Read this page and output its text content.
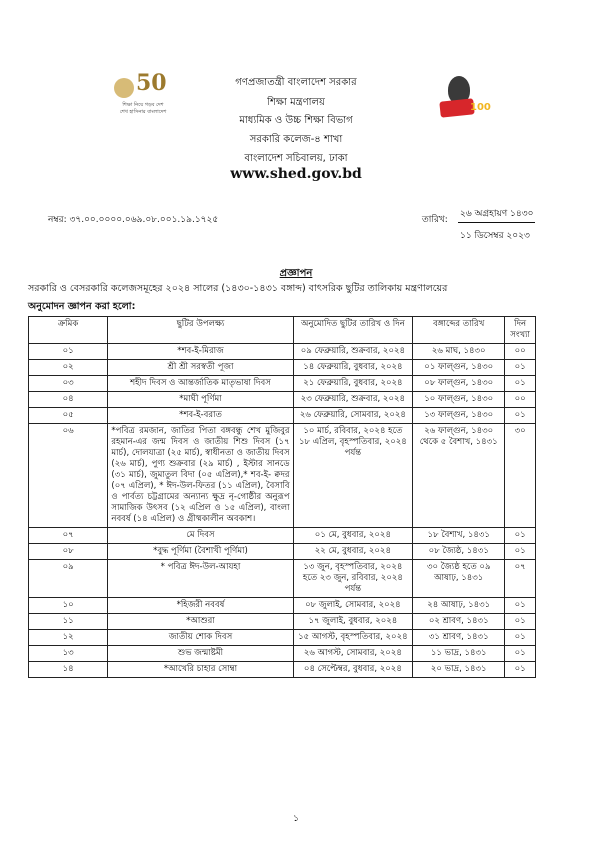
50
শিক্ষা নিয়ে গড়ব দেশ
শেখ হাসিনার বাংলাদেশ	100
গণপ্রজাতন্ত্রী বাংলাদেশ সরকার
শিক্ষা মন্ত্রণালয়
মাধ্যমিক ও উচ্চ শিক্ষা বিভাগ
সরকারি কলেজ-৪ শাখা
বাংলাদেশ সচিবালয়, ঢাকা
www.shed.gov.bd
নম্বর: ৩৭.০০.০০০০.০৬৯.০৮.০০১.১৯.১৭২৫	তারিখ:
২৬ অগ্রহায়ণ ১৪৩০
১১ ডিসেম্বর ২০২৩
প্রজ্ঞাপন
সরকারি ও বেসরকারি কলেজসমূহের ২০২৪ সালের (১৪৩০-১৪৩১ বঙ্গাব্দ) বাৎসরিক ছুটির তালিকায় মন্ত্রণালয়ের
অনুমোদন জ্ঞাপন করা হলো:
ক্রমিক	ছুটির উপলক্ষ্য	অনুমোদিত ছুটির তারিখ ও দিন	বঙ্গাব্দের তারিখ	দিন সংখ্যা
০১	*শব-ই-মিরাজ	০৯ ফেব্রুয়ারি, শুক্রবার, ২০২৪	২৬ মাঘ, ১৪৩০	০০
০২	শ্রী শ্রী সরস্বতী পূজা	১৪ ফেব্রুয়ারি, বুধবার, ২০২৪	০১ ফাল্গুন, ১৪৩০	০১
০৩	শহীদ দিবস ও আন্তর্জাতিক মাতৃভাষা দিবস	২১ ফেব্রুয়ারি, বুধবার, ২০২৪	০৮ ফাল্গুন, ১৪৩০	০১
০৪	*মাঘী পূর্ণিমা	২৩ ফেব্রুয়ারি, শুক্রবার, ২০২৪	১০ ফাল্গুন, ১৪৩০	০০
০৫	*শব-ই-বরাত	২৬ ফেব্রুয়ারি, সোমবার, ২০২৪	১৩ ফাল্গুন, ১৪৩০	০১
০৬	*পবিত্র রমজান, জাতির পিতা বঙ্গবন্ধু শেখ মুজিবুর রহমান-এর জন্ম দিবস ও জাতীয় শিশু দিবস (১৭ মার্চ), দোলযাত্রা (২৫ মার্চ), স্বাধীনতা ও জাতীয় দিবস (২৬ মার্চ), পুণ্য শুক্রবার (২৯ মার্চ) , ইস্টার সানডে (৩১ মার্চ), জুমাতুল বিদা (০৫ এপ্রিল),* শব-ই- ক্বদর (০৭ এপ্রিল), * ঈদ-উল-ফিতর (১১ এপ্রিল), বৈসাবি ও পার্বত্য চট্টগ্রামের অন্যান্য ক্ষুদ্র নৃ-গোষ্ঠীর অনুরূপ সামাজিক উৎসব (১২ এপ্রিল ও ১৫ এপ্রিল), বাংলা নববর্ষ (১৪ এপ্রিল) ও গ্রীষ্মকালীন অবকাশ।	১০ মার্চ, রবিবার, ২০২৪ হতে ১৮ এপ্রিল, বৃহস্পতিবার, ২০২৪ পর্যন্ত	২৬ ফাল্গুন, ১৪৩০ থেকে ৫ বৈশাখ, ১৪৩১	৩০
০৭	মে দিবস	০১ মে, বুধবার, ২০২৪	১৮ বৈশাখ, ১৪৩১	০১
০৮	*বুদ্ধ পূর্ণিমা (বৈশাখী পূর্ণিমা)	২২ মে, বুধবার, ২০২৪	০৮ জ্যৈষ্ঠ, ১৪৩১	০১
০৯	* পবিত্র ঈদ-উল-আযহা	১৩ জুন, বৃহস্পতিবার, ২০২৪ হতে ২৩ জুন, রবিবার, ২০২৪ পর্যন্ত	৩০ জ্যৈষ্ঠ হতে ০৯ আষাঢ়, ১৪৩১	০৭
১০	*হিজরী নববর্ষ	০৮ জুলাই, সোমবার, ২০২৪	২৪ আষাঢ়, ১৪৩১	০১
১১	*আশুরা	১৭ জুলাই, বুধবার, ২০২৪	০২ শ্রাবণ, ১৪৩১	০১
১২	জাতীয় শোক দিবস	১৫ আগস্ট, বৃহস্পতিবার, ২০২৪	৩১ শ্রাবণ, ১৪৩১	০১
১৩	শুভ জন্মাষ্টমী	২৬ আগস্ট, সোমবার, ২০২৪	১১ ভাদ্র, ১৪৩১	০১
১৪	*আখেরি চাহার সোম্বা	০৪ সেপ্টেম্বর, বুধবার, ২০২৪	২০ ভাদ্র, ১৪৩১	০১
১
